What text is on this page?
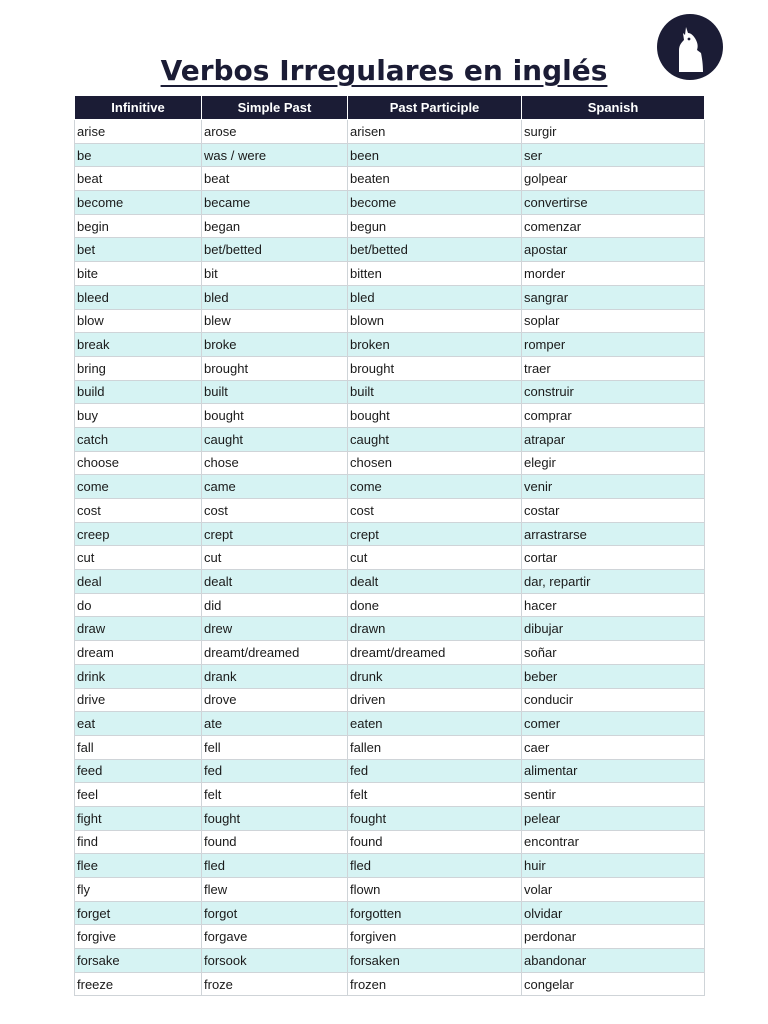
Verbos Irregulares en inglés
Infinitive	Simple Past	Past Participle	Spanish
arise	arose	arisen	surgir
be	was / were	been	ser
beat	beat	beaten	golpear
become	became	become	convertirse
begin	began	begun	comenzar
bet	bet/betted	bet/betted	apostar
bite	bit	bitten	morder
bleed	bled	bled	sangrar
blow	blew	blown	soplar
break	broke	broken	romper
bring	brought	brought	traer
build	built	built	construir
buy	bought	bought	comprar
catch	caught	caught	atrapar
choose	chose	chosen	elegir
come	came	come	venir
cost	cost	cost	costar
creep	crept	crept	arrastrarse
cut	cut	cut	cortar
deal	dealt	dealt	dar, repartir
do	did	done	hacer
draw	drew	drawn	dibujar
dream	dreamt/dreamed	dreamt/dreamed	soñar
drink	drank	drunk	beber
drive	drove	driven	conducir
eat	ate	eaten	comer
fall	fell	fallen	caer
feed	fed	fed	alimentar
feel	felt	felt	sentir
fight	fought	fought	pelear
find	found	found	encontrar
flee	fled	fled	huir
fly	flew	flown	volar
forget	forgot	forgotten	olvidar
forgive	forgave	forgiven	perdonar
forsake	forsook	forsaken	abandonar
freeze	froze	frozen	congelar
